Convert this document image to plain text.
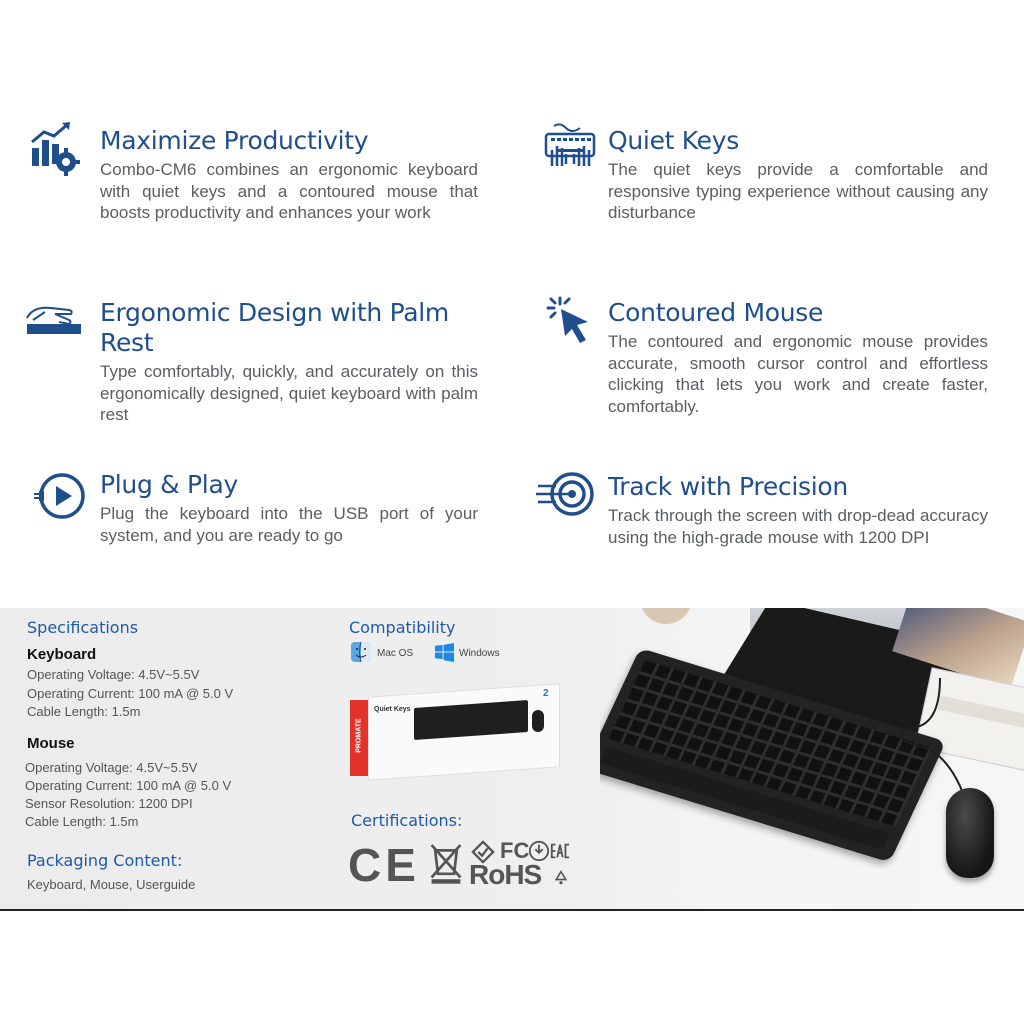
Maximize Productivity

Combo-CM6 combines an ergonomic keyboard with quiet keys and a contoured mouse that boosts productivity and enhances your work

Quiet Keys

The quiet keys provide a comfortable and responsive typing experience without causing any disturbance

Ergonomic Design with Palm Rest

Type comfortably, quickly, and accurately on this ergonomically designed, quiet keyboard with palm rest

Contoured Mouse

The contoured and ergonomic mouse provides accurate, smooth cursor control and effortless clicking that lets you work and create faster, comfortably.

Plug & Play

Plug the keyboard into the USB port of your system, and you are ready to go

Track with Precision

Track through the screen with drop-dead accuracy using the high-grade mouse with 1200 DPI

Specifications
Keyboard
Operating Voltage: 4.5V~5.5V
Operating Current: 100 mA @ 5.0 V
Cable Length: 1.5m
Mouse
Operating Voltage: 4.5V~5.5V
Operating Current: 100 mA @ 5.0 V
Sensor Resolution: 1200 DPI
Cable Length: 1.5m
Packaging Content:
Keyboard, Mouse, Userguide
Compatibility
Mac OS	Windows
PROMATE
Quiet Keys
2
Certifications:
CE	FC
RoHS
